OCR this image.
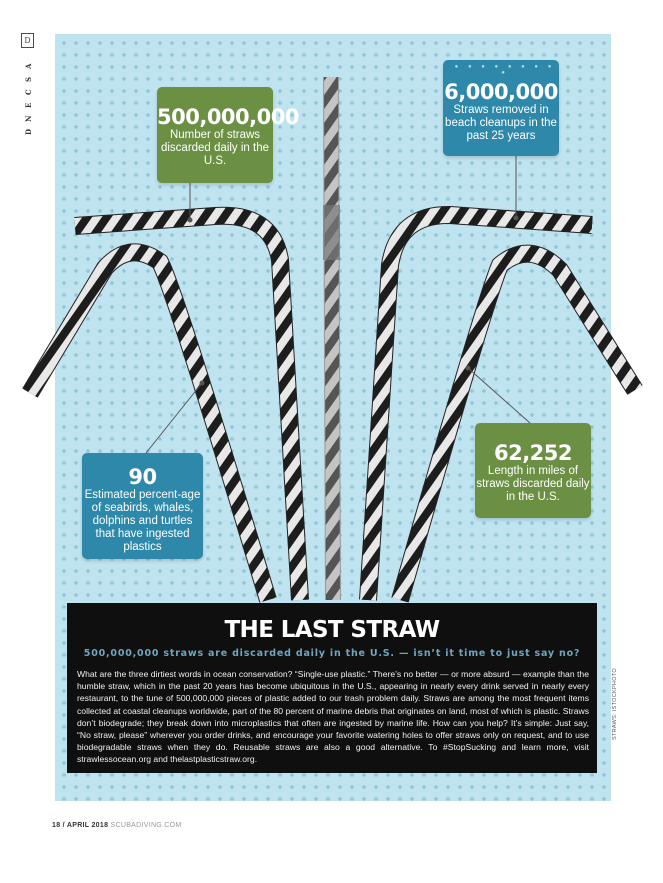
D
A
S
C
E
N
D
500,000,000
Number of straws discarded daily in the U.S.
● ● ● ● ● ● ● ● ●
6,000,000
Straws removed in beach cleanups in the past 25 years
90
Estimated percent-age of seabirds, whales, dolphins and turtles that have ingested plastics
62,252
Length in miles of straws discarded daily in the U.S.
THE LAST STRAW
500,000,000 straws are discarded daily in the U.S. — isn’t it time to just say no?
What are the three dirtiest words in ocean conservation? “Single-use plastic.” There’s no better — or more absurd — example than the humble straw, which in the past 20 years has become ubiquitous in the U.S., appearing in nearly every drink served in nearly every restaurant, to the tune of 500,000,000 pieces of plastic added to our trash problem daily. Straws are among the most frequent items collected at coastal cleanups worldwide, part of the 80 percent of marine debris that originates on land, most of which is plastic. Straws don’t biodegrade; they break down into microplastics that often are ingested by marine life. How can you help? It’s simple: Just say, “No straw, please” wherever you order drinks, and encourage your favorite watering holes to offer straws only on request, and to use biodegradable straws when they do. Reusable straws are also a good alternative. To #StopSucking and learn more, visit strawlessocean.org and thelastplasticstraw.org.
STRAWS: ISTOCKPHOTO
18 / APRIL 2018 SCUBADIVING.COM
